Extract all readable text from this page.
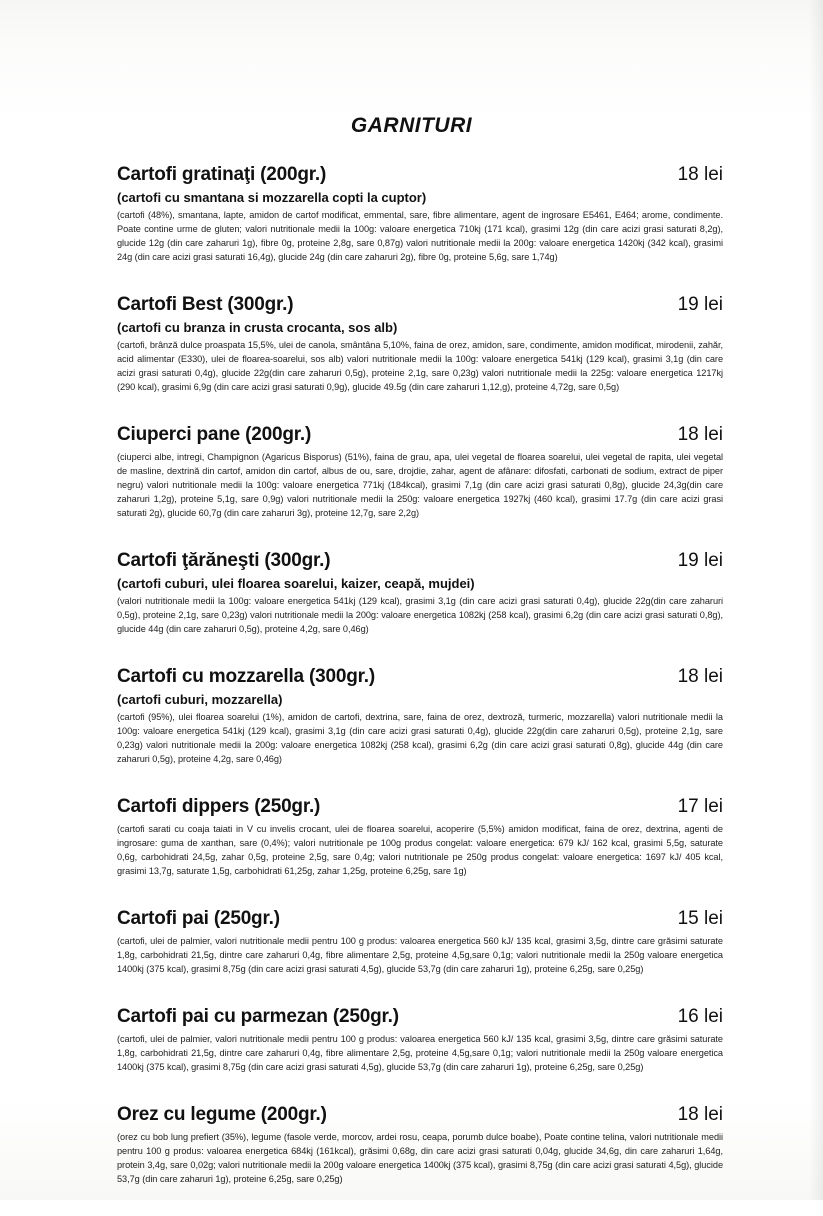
GARNITURI
Cartofi gratinaţi (200gr.)	18 lei
(cartofi cu smantana si mozzarella copti la cuptor)
(cartofi (48%), smantana, lapte, amidon de cartof modificat, emmental, sare, fibre alimentare, agent de ingrosare E5461, E464; arome, condimente. Poate contine urme de gluten; valori nutritionale medii la 100g: valoare energetica 710kj (171 kcal), grasimi 12g (din care acizi grasi saturati 8,2g), glucide 12g (din care zaharuri 1g), fibre 0g, proteine 2,8g, sare 0,87g) valori nutritionale medii la 200g: valoare energetica 1420kj (342 kcal), grasimi 24g (din care acizi grasi saturati 16,4g), glucide 24g (din care zaharuri 2g), fibre 0g, proteine 5,6g, sare 1,74g)
Cartofi Best (300gr.)	19 lei
(cartofi cu branza in crusta crocanta, sos alb)
(cartofi, brânză dulce proaspata 15,5%, ulei de canola, smântâna 5,10%, faina de orez, amidon, sare, condimente, amidon modificat, mirodenii, zahăr, acid alimentar (E330), ulei de floarea-soarelui, sos alb) valori nutritionale medii la 100g: valoare energetica 541kj (129 kcal), grasimi 3,1g (din care acizi grasi saturati 0,4g), glucide 22g(din care zaharuri 0,5g), proteine 2,1g, sare 0,23g) valori nutritionale medii la 225g: valoare energetica 1217kj (290 kcal), grasimi 6,9g (din care acizi grasi saturati 0,9g), glucide 49.5g (din care zaharuri 1,12,g), proteine 4,72g, sare 0,5g)
Ciuperci pane (200gr.)	18 lei
(ciuperci albe, intregi, Champignon (Agaricus Bisporus) (51%), faina de grau, apa, ulei vegetal de floarea soarelui, ulei vegetal de rapita, ulei vegetal de masline, dextrină din cartof, amidon din cartof, albus de ou, sare, drojdie, zahar, agent de afânare: difosfati, carbonati de sodium, extract de piper negru) valori nutritionale medii la 100g: valoare energetica 771kj (184kcal), grasimi 7,1g (din care acizi grasi saturati 0,8g), glucide 24,3g(din care zaharuri 1,2g), proteine 5,1g, sare 0,9g) valori nutritionale medii la 250g: valoare energetica 1927kj (460 kcal), grasimi 17.7g (din care acizi grasi saturati 2g), glucide 60,7g (din care zaharuri 3g), proteine 12,7g, sare 2,2g)
Cartofi ţărăneşti (300gr.)	19 lei
(cartofi cuburi, ulei floarea soarelui, kaizer, ceapă, mujdei)
(valori nutritionale medii la 100g: valoare energetica 541kj (129 kcal), grasimi 3,1g (din care acizi grasi saturati 0,4g), glucide 22g(din care zaharuri 0,5g), proteine 2,1g, sare 0,23g) valori nutritionale medii la 200g: valoare energetica 1082kj (258 kcal), grasimi 6,2g (din care acizi grasi saturati 0,8g), glucide 44g (din care zaharuri 0,5g), proteine 4,2g, sare 0,46g)
Cartofi cu mozzarella (300gr.)	18 lei
(cartofi cuburi, mozzarella)
(cartofi (95%), ulei floarea soarelui (1%), amidon de cartofi, dextrina, sare, faina de orez, dextroză, turmeric, mozzarella) valori nutritionale medii la 100g: valoare energetica 541kj (129 kcal), grasimi 3,1g (din care acizi grasi saturati 0,4g), glucide 22g(din care zaharuri 0,5g), proteine 2,1g, sare 0,23g) valori nutritionale medii la 200g: valoare energetica 1082kj (258 kcal), grasimi 6,2g (din care acizi grasi saturati 0,8g), glucide 44g (din care zaharuri 0,5g), proteine 4,2g, sare 0,46g)
Cartofi dippers (250gr.)	17 lei
(cartofi sarati cu coaja taiati in V cu invelis crocant, ulei de floarea soarelui, acoperire (5,5%) amidon modificat, faina de orez, dextrina, agenti de ingrosare: guma de xanthan, sare (0,4%); valori nutritionale pe 100g produs congelat: valoare energetica: 679 kJ/ 162 kcal, grasimi 5,5g, saturate 0,6g, carbohidrati 24,5g, zahar 0,5g, proteine 2,5g, sare 0,4g; valori nutritionale pe 250g produs congelat: valoare energetica: 1697 kJ/ 405 kcal, grasimi 13,7g, saturate 1,5g, carbohidrati 61,25g, zahar 1,25g, proteine 6,25g, sare 1g)
Cartofi pai (250gr.)	15 lei
(cartofi, ulei de palmier, valori nutritionale medii pentru 100 g produs: valoarea energetica 560 kJ/ 135 kcal, grasimi 3,5g, dintre care grăsimi saturate 1,8g, carbohidrati 21,5g, dintre care zaharuri 0,4g, fibre alimentare 2,5g, proteine 4,5g,sare 0,1g; valori nutritionale medii la 250g valoare energetica 1400kj (375 kcal), grasimi 8,75g (din care acizi grasi saturati 4,5g), glucide 53,7g (din care zaharuri 1g), proteine 6,25g, sare 0,25g)
Cartofi pai cu parmezan (250gr.)	16 lei
(cartofi, ulei de palmier, valori nutritionale medii pentru 100 g produs: valoarea energetica 560 kJ/ 135 kcal, grasimi 3,5g, dintre care grăsimi saturate 1,8g, carbohidrati 21,5g, dintre care zaharuri 0,4g, fibre alimentare 2,5g, proteine 4,5g,sare 0,1g; valori nutritionale medii la 250g valoare energetica 1400kj (375 kcal), grasimi 8,75g (din care acizi grasi saturati 4,5g), glucide 53,7g (din care zaharuri 1g), proteine 6,25g, sare 0,25g)
Orez cu legume (200gr.)	18 lei
(orez cu bob lung prefiert (35%), legume (fasole verde, morcov, ardei rosu, ceapa, porumb dulce boabe), Poate contine telina, valori nutritionale medii pentru 100 g produs: valoarea energetica 684kj (161kcal), grăsimi 0,68g, din care acizi grasi saturati 0,04g, glucide 34,6g, din care zaharuri 1,64g, protein 3,4g, sare 0,02g; valori nutritionale medii la 200g valoare energetica 1400kj (375 kcal), grasimi 8,75g (din care acizi grasi saturati 4,5g), glucide 53,7g (din care zaharuri 1g), proteine 6,25g, sare 0,25g)
